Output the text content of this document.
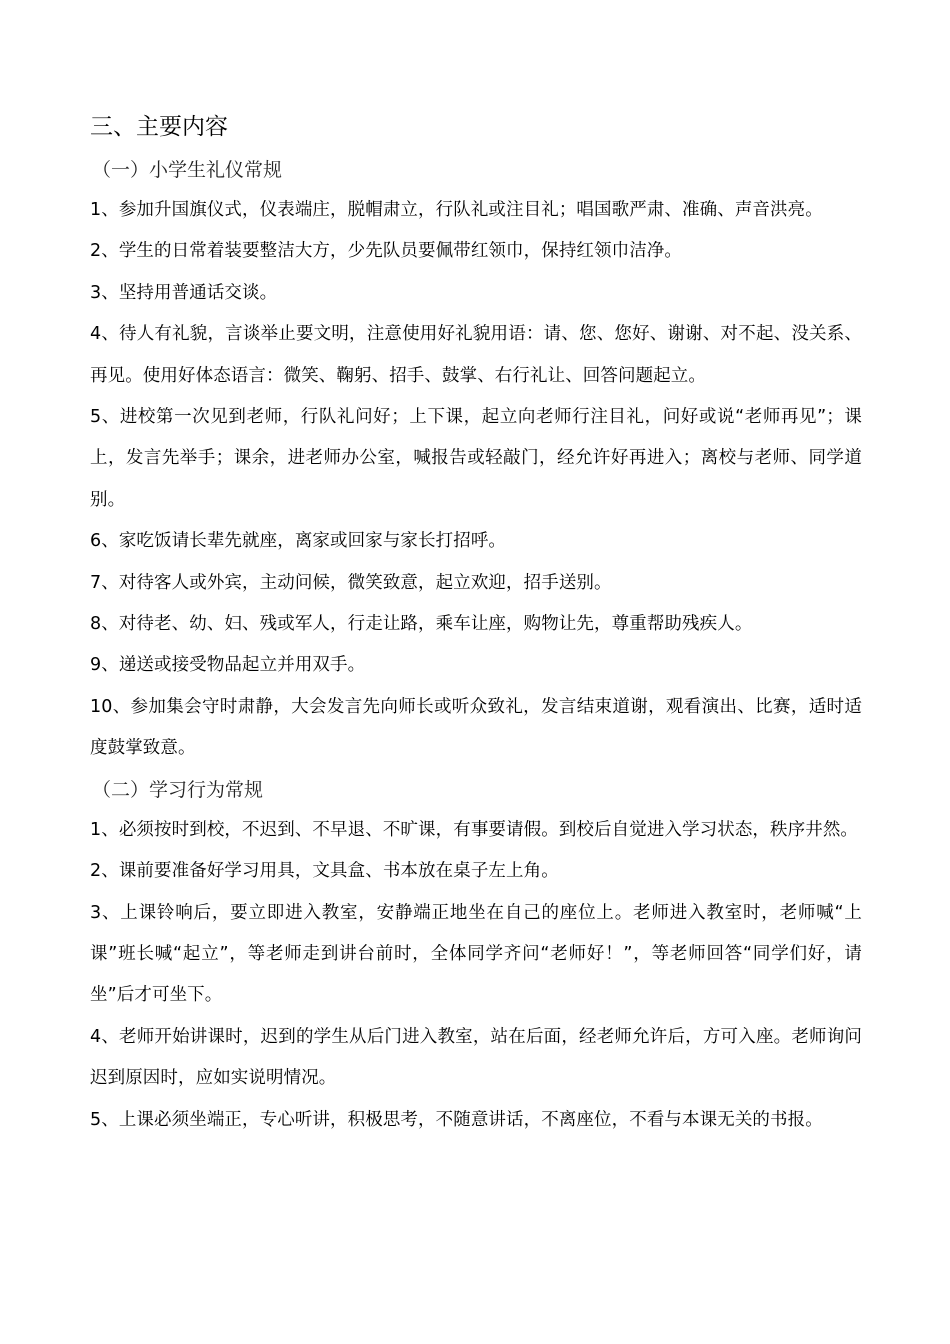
三、主要内容
（一）小学生礼仪常规

1、参加升国旗仪式，仪表端庄，脱帽肃立，行队礼或注目礼；唱国歌严肃、准确、声音洪亮。

2、学生的日常着装要整洁大方，少先队员要佩带红领巾，保持红领巾洁净。

3、坚持用普通话交谈。

4、待人有礼貌，言谈举止要文明，注意使用好礼貌用语：请、您、您好、谢谢、对不起、没关系、再见。使用好体态语言：微笑、鞠躬、招手、鼓掌、右行礼让、回答问题起立。

5、进校第一次见到老师，行队礼问好；上下课，起立向老师行注目礼，问好或说“老师再见”；课上，发言先举手；课余，进老师办公室，喊报告或轻敲门，经允许好再进入；离校与老师、同学道别。

6、家吃饭请长辈先就座，离家或回家与家长打招呼。

7、对待客人或外宾，主动问候，微笑致意，起立欢迎，招手送别。

8、对待老、幼、妇、残或军人，行走让路，乘车让座，购物让先，尊重帮助残疾人。

9、递送或接受物品起立并用双手。

10、参加集会守时肃静，大会发言先向师长或听众致礼，发言结束道谢，观看演出、比赛，适时适度鼓掌致意。

（二）学习行为常规

1、必须按时到校，不迟到、不早退、不旷课，有事要请假。到校后自觉进入学习状态，秩序井然。

2、课前要准备好学习用具，文具盒、书本放在桌子左上角。

3、上课铃响后，要立即进入教室，安静端正地坐在自己的座位上。老师进入教室时，老师喊“上课”班长喊“起立”，等老师走到讲台前时，全体同学齐问“老师好！”，等老师回答“同学们好，请坐”后才可坐下。

4、老师开始讲课时，迟到的学生从后门进入教室，站在后面，经老师允许后，方可入座。老师询问迟到原因时，应如实说明情况。

5、上课必须坐端正，专心听讲，积极思考，不随意讲话，不离座位，不看与本课无关的书报。
